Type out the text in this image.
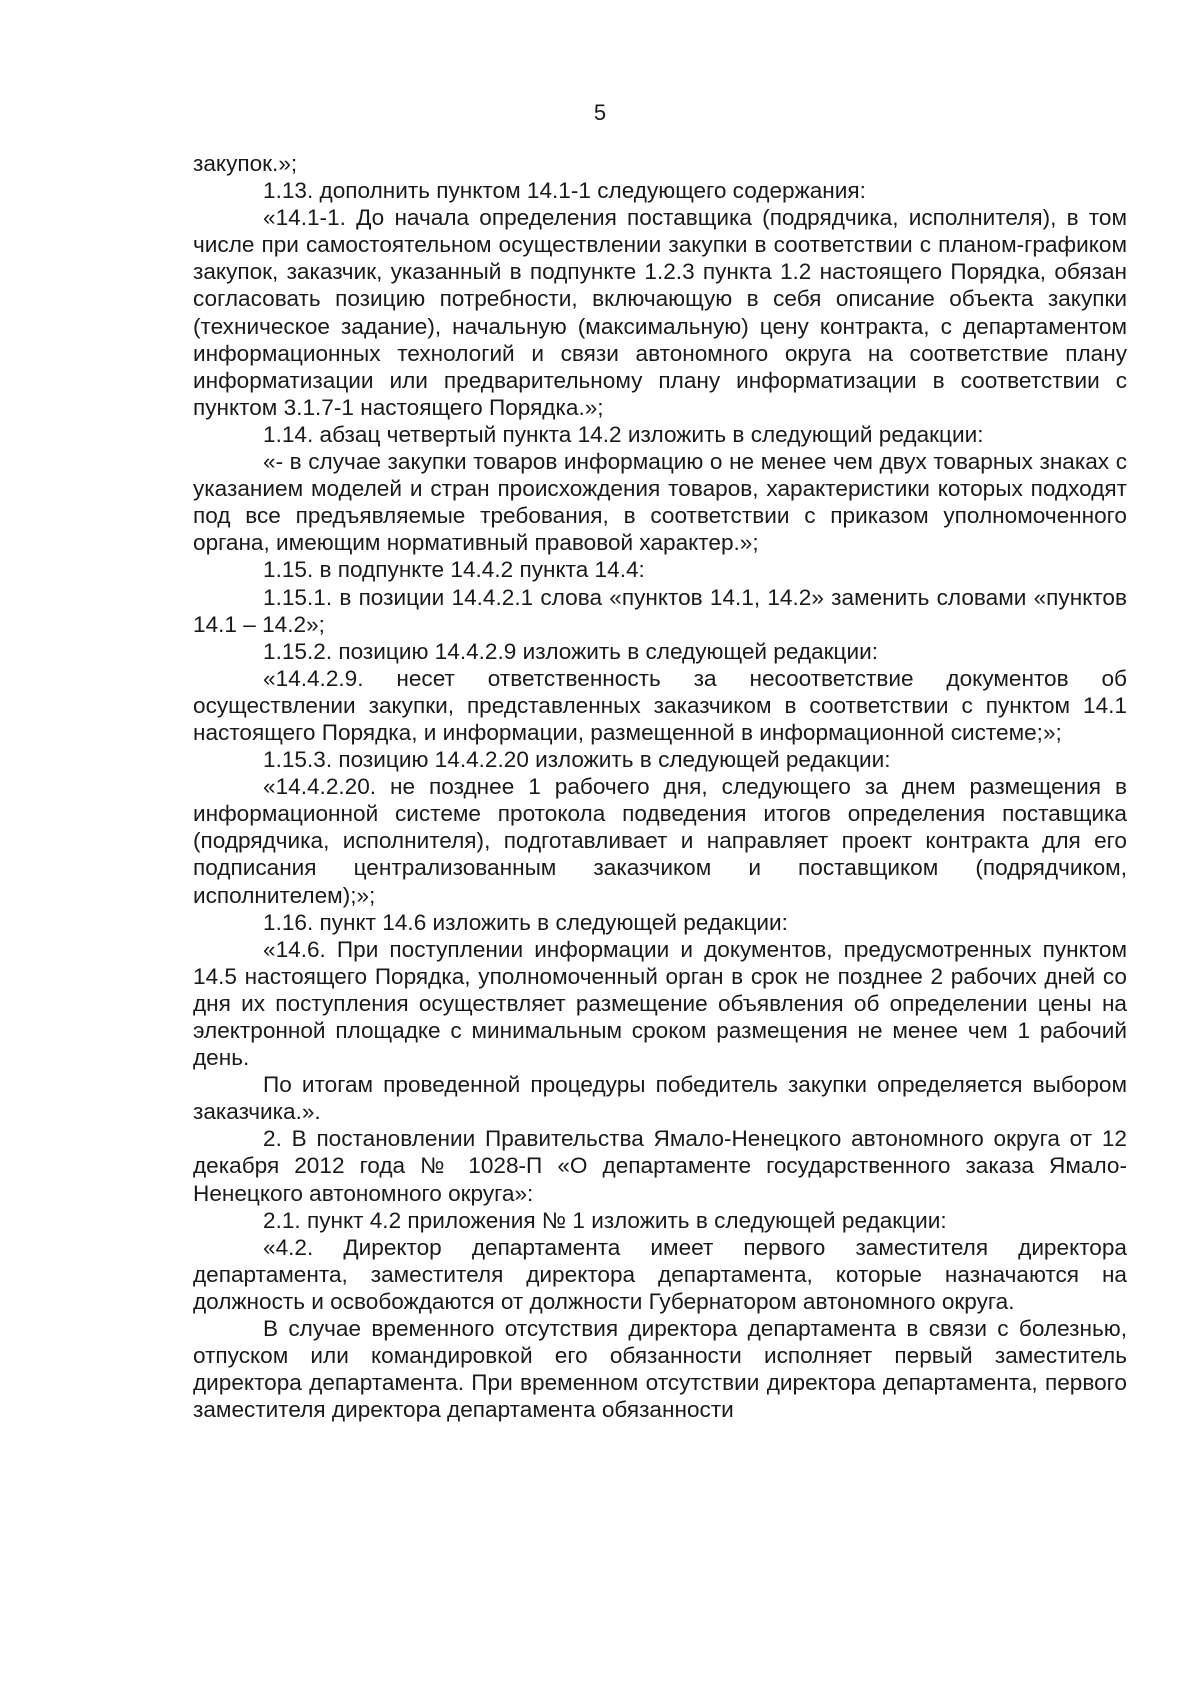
5

закупок.»;

1.13. дополнить пунктом 14.1-1 следующего содержания:

«14.1-1. До начала определения поставщика (подрядчика, исполнителя), в том числе при самостоятельном осуществлении закупки в соответствии с планом-графиком закупок, заказчик, указанный в подпункте 1.2.3 пункта 1.2 настоящего Порядка, обязан согласовать позицию потребности, включающую в себя описание объекта закупки (техническое задание), начальную (максимальную) цену контракта, с департаментом информационных технологий и связи автономного округа на соответствие плану информатизации или предварительному плану информатизации в соответствии с пунктом 3.1.7-1 настоящего Порядка.»;

1.14. абзац четвертый пункта 14.2 изложить в следующий редакции:

«- в случае закупки товаров информацию о не менее чем двух товарных знаках с указанием моделей и стран происхождения товаров, характеристики которых подходят под все предъявляемые требования, в соответствии с приказом уполномоченного органа, имеющим нормативный правовой характер.»;

1.15. в подпункте 14.4.2 пункта 14.4:

1.15.1. в позиции 14.4.2.1 слова «пунктов 14.1, 14.2» заменить словами «пунктов 14.1 – 14.2»;

1.15.2. позицию 14.4.2.9 изложить в следующей редакции:

«14.4.2.9. несет ответственность за несоответствие документов об осуществлении закупки, представленных заказчиком в соответствии с пунктом 14.1 настоящего Порядка, и информации, размещенной в информационной системе;»;

1.15.3. позицию 14.4.2.20 изложить в следующей редакции:

«14.4.2.20. не позднее 1 рабочего дня, следующего за днем размещения в информационной системе протокола подведения итогов определения поставщика (подрядчика, исполнителя), подготавливает и направляет проект контракта для его подписания централизованным заказчиком и поставщиком (подрядчиком, исполнителем);»;

1.16. пункт 14.6 изложить в следующей редакции:

«14.6. При поступлении информации и документов, предусмотренных пунктом 14.5 настоящего Порядка, уполномоченный орган в срок не позднее 2 рабочих дней со дня их поступления осуществляет размещение объявления об определении цены на электронной площадке с минимальным сроком размещения не менее чем 1 рабочий день.

По итогам проведенной процедуры победитель закупки определяется выбором заказчика.».

2. В постановлении Правительства Ямало-Ненецкого автономного округа от 12 декабря 2012 года № 1028-П «О департаменте государственного заказа Ямало-Ненецкого автономного округа»:

2.1. пункт 4.2 приложения № 1 изложить в следующей редакции:

«4.2. Директор департамента имеет первого заместителя директора департамента, заместителя директора департамента, которые назначаются на должность и освобождаются от должности Губернатором автономного округа.

В случае временного отсутствия директора департамента в связи с болезнью, отпуском или командировкой его обязанности исполняет первый заместитель директора департамента. При временном отсутствии директора департамента, первого заместителя директора департамента обязанности
